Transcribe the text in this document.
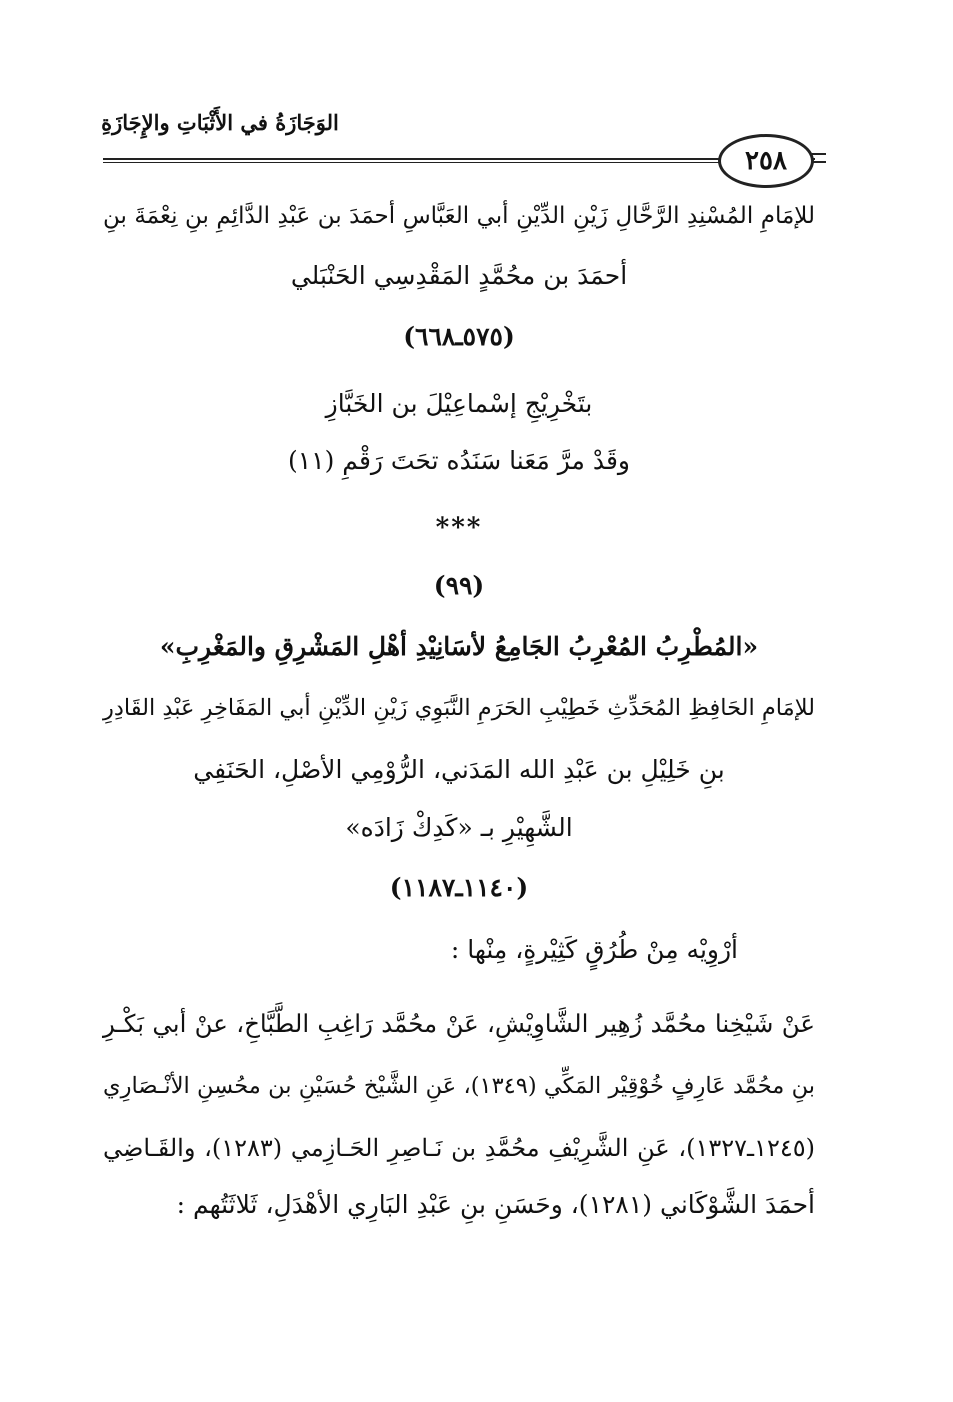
الوَجَازَةُ في الأَثْبَاتِ والإِجَازَةِ
٢٥٨
للإمَامِ المُسْنِدِ الرَّحَّالِ زَيْنِ الدِّيْنِ أبي العَبَّاسِ أحمَدَ بن عَبْدِ الدَّائِمِ بنِ نِعْمَةَ بنِ
أحمَدَ بن محُمَّدٍ المَقْدِسِي الحَنْبَلي
(٥٧٥ـ٦٦٨)
بتَخْرِيْجِ إسْماعِيْلَ بن الخَبَّازِ
وقَدْ مرَّ مَعَنا سَنَدُه تحَتَ رَقْمِ (١١)
***
(٩٩)
«المُطْرِبُ المُعْرِبُ الجَامِعُ لأسَانِيْدِ أهْلِ المَشْرِقِ والمَغْرِبِ»
للإمَامِ الحَافِظِ المُحَدِّثِ خَطِيْبِ الحَرَمِ النَّبَوِي زَيْنِ الدِّيْنِ أبي المَفَاخِرِ عَبْدِ القَادِرِ
بنِ خَلِيْلِ بن عَبْدِ الله المَدَني، الرُّوْمِي الأصْلِ، الحَنَفِي
الشَّهِيْرِ بـ «كَدِكْ زَادَه»
(١١٤٠ـ١١٨٧)
أرْوِيْه مِنْ طُرُقٍ كَثِيْرةٍ، مِنْها :
عَنْ شَيْخِنا محُمَّد زُهِير الشَّاوِيْشِ، عَنْ محُمَّد رَاغِبِ الطَّبَّاخِ، عنْ أبي بَكْـرِ
بنِ محُمَّد عَارِفٍ خُوْقِيْر المَكِّي (١٣٤٩)، عَنِ الشَّيْخ حُسَيْنِ بن محُسِنِ الأنْـصَارِي
(١٢٤٥ـ١٣٢٧)، عَنِ الشَّرِيْفِ محُمَّدِ بن نَـاصِرِ الحَـازِمي (١٢٨٣)، والقَـاضِي
أحمَدَ الشَّوْكَاني (١٢٨١)، وحَسَنِ بنِ عَبْدِ البَارِي الأهْدَلِ، ثَلاثَتُهم :
